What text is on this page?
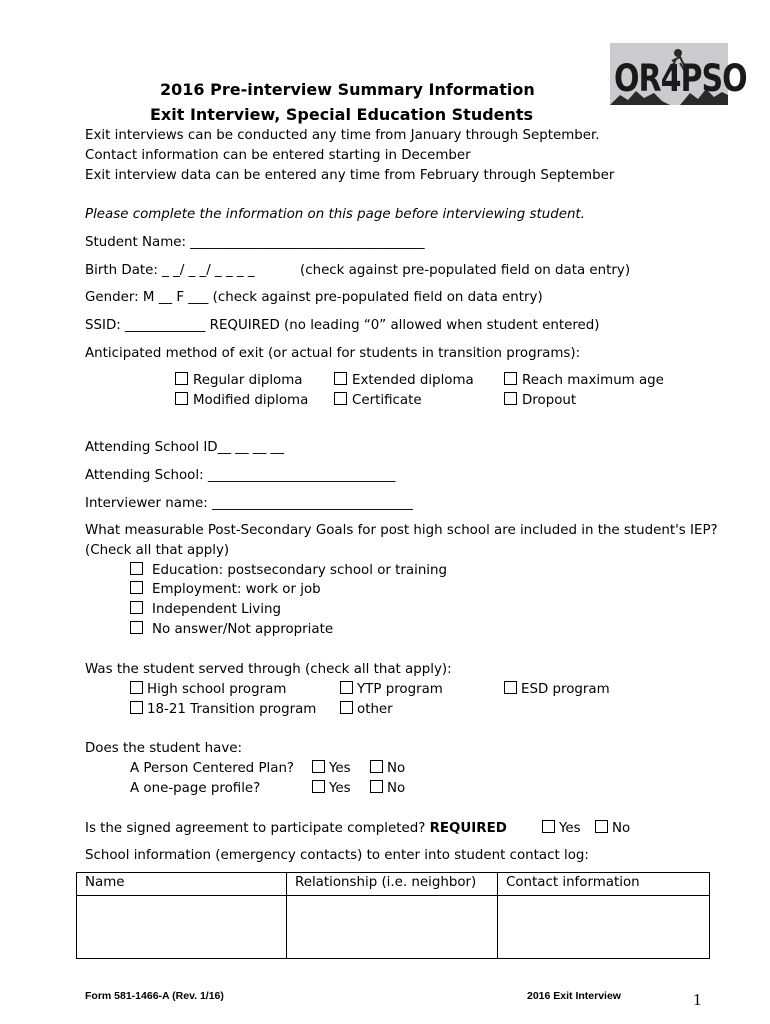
OR4PSO
2016 Pre-interview Summary Information
Exit Interview, Special Education Students
Exit interviews can be conducted any time from January through September.
Contact information can be entered starting in December
Exit interview data can be entered any time from February through September
Please complete the information on this page before interviewing student.
Student Name: ___________________________________
Birth Date: _ _/ _ _/ _ _ _ _	(check against pre-populated field on data entry)
Gender: M __ F ___ (check against pre-populated field on data entry)
SSID: ____________ REQUIRED (no leading “0” allowed when student entered)
Anticipated method of exit (or actual for students in transition programs):
Regular diploma	Extended diploma	Reach maximum age
Modified diploma	Certificate	Dropout
Attending School ID__ __ __ __
Attending School: ____________________________
Interviewer name: ______________________________
What measurable Post-Secondary Goals for post high school are included in the student's IEP?
(Check all that apply)
Education: postsecondary school or training
Employment: work or job
Independent Living
No answer/Not appropriate
Was the student served through (check all that apply):
High school program	YTP program	ESD program
18-21 Transition program	other
Does the student have:
A Person Centered Plan?	Yes	No
A one-page profile?	Yes	No
Is the signed agreement to participate completed? REQUIRED	Yes	No
School information (emergency contacts) to enter into student contact log:
Name	Relationship (i.e. neighbor)	Contact information

Form 581-1466-A (Rev. 1/16)	2016 Exit Interview	1
